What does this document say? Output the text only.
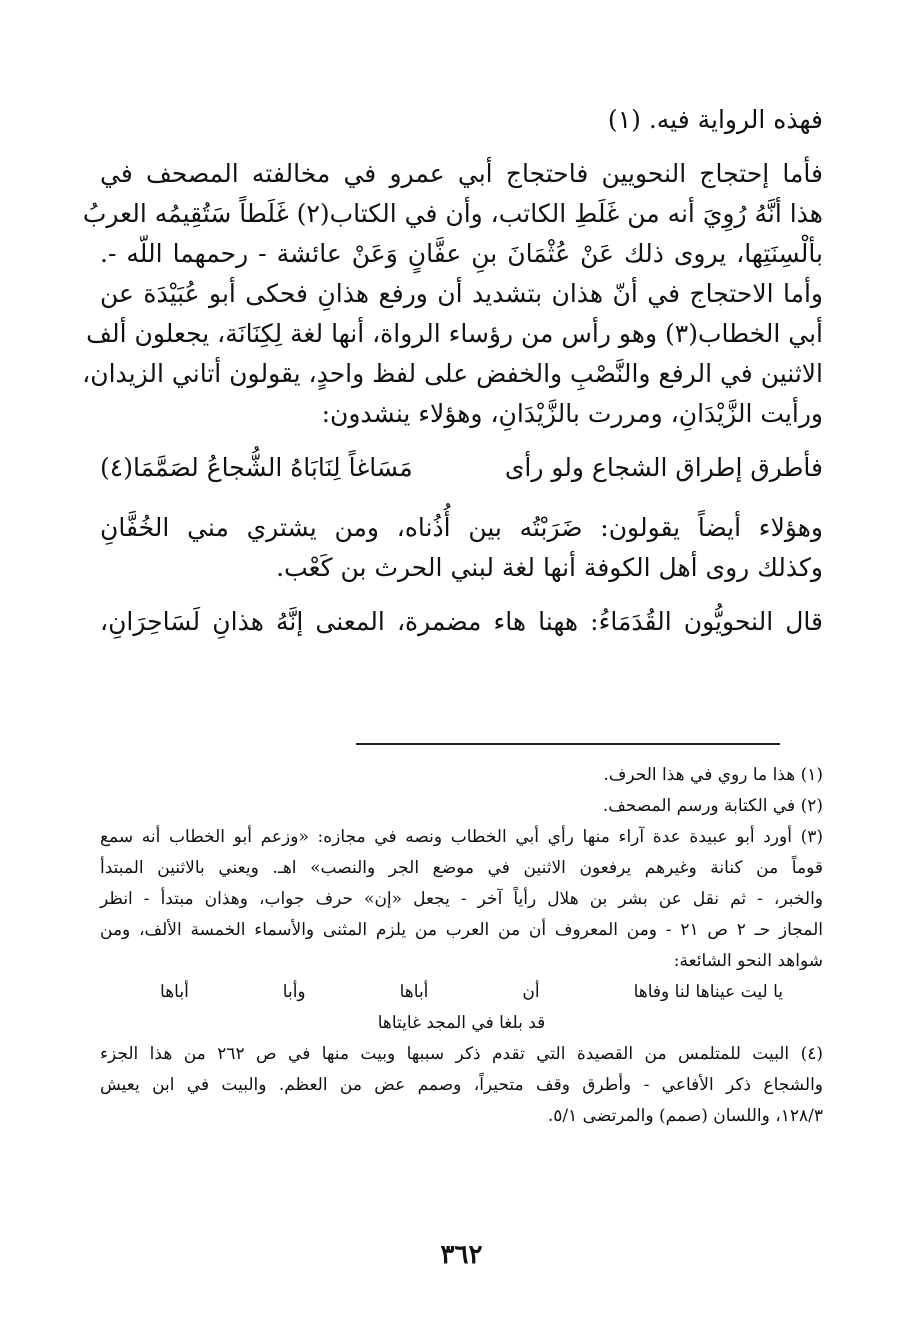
فهذه الرواية فيه. (١)
فأما إحتجاج النحويين فاحتجاج أبي عمرو في مخالفته المصحف في
هذا أنَّهُ رُوِيَ أنه من غَلَطِ الكاتب، وأن في الكتاب(٢) غَلَطاً سَتُقِيمُه العربُ
بألْسِنَتِها، يروى ذلك عَنْ عُثْمَانَ بنِ عفَّانٍ وَعَنْ عائشة - رحمهما اللّه -.
وأما الاحتجاج في أنّ هذان بتشديد أن ورفع هذانِ فحكى أبو عُبَيْدَة عن
أبي الخطاب(٣) وهو رأس من رؤساء الرواة، أنها لغة لِكِنَانَة، يجعلون ألف
الاثنين في الرفع والنَّصْبِ والخفض على لفظ واحدٍ، يقولون أتاني الزيدان،
ورأيت الزَّيْدَانِ، ومررت بالزَّيْدَانِ، وهؤلاء ينشدون:
فأطرق إطراق الشجاع ولو رأى
مَسَاغاً لِنَابَاهُ الشُّجاعُ لصَمَّمَا(٤)
وهؤلاء أيضاً يقولون: ضَرَبْتُه بين أُذُناه، ومن يشتري مني الخُفَّانِ
وكذلك روى أهل الكوفة أنها لغة لبني الحرث بن كَعْب.
قال النحويُّون القُدَمَاءُ: ههنا هاء مضمرة، المعنى إنَّهُ هذانِ لَسَاحِرَانِ،
(١) هذا ما روي في هذا الحرف.
(٢) في الكتابة ورسم المصحف.
(٣) أورد أبو عبيدة عدة آراء منها رأي أبي الخطاب ونصه في مجازه: «وزعم أبو الخطاب أنه سمع
قوماً من كنانة وغيرهم يرفعون الاثنين في موضع الجر والنصب» اهـ. ويعني بالاثنين المبتدأ
والخبر، - ثم نقل عن بشر بن هلال رأياً آخر - يجعل «إن» حرف جواب، وهذان مبتدأ - انظر
المجاز حـ ٢ ص ٢١ - ومن المعروف أن من العرب من يلزم المثنى والأسماء الخمسة الألف، ومن
شواهد النحو الشائعة:
يا ليت عيناها لنا وفاها
أن
أباها
وأبا
أباها
قد بلغا في المجد غايتاها
(٤) البيت للمتلمس من القصيدة التي تقدم ذكر سببها وبيت منها في ص ٢٦٢ من هذا الجزء
والشجاع ذكر الأفاعي - وأطرق وقف متحيراً، وصمم عض من العظم. والبيت في ابن يعيش
١٢٨/٣، واللسان (صمم) والمرتضى ٥/١.
٣٦٢
